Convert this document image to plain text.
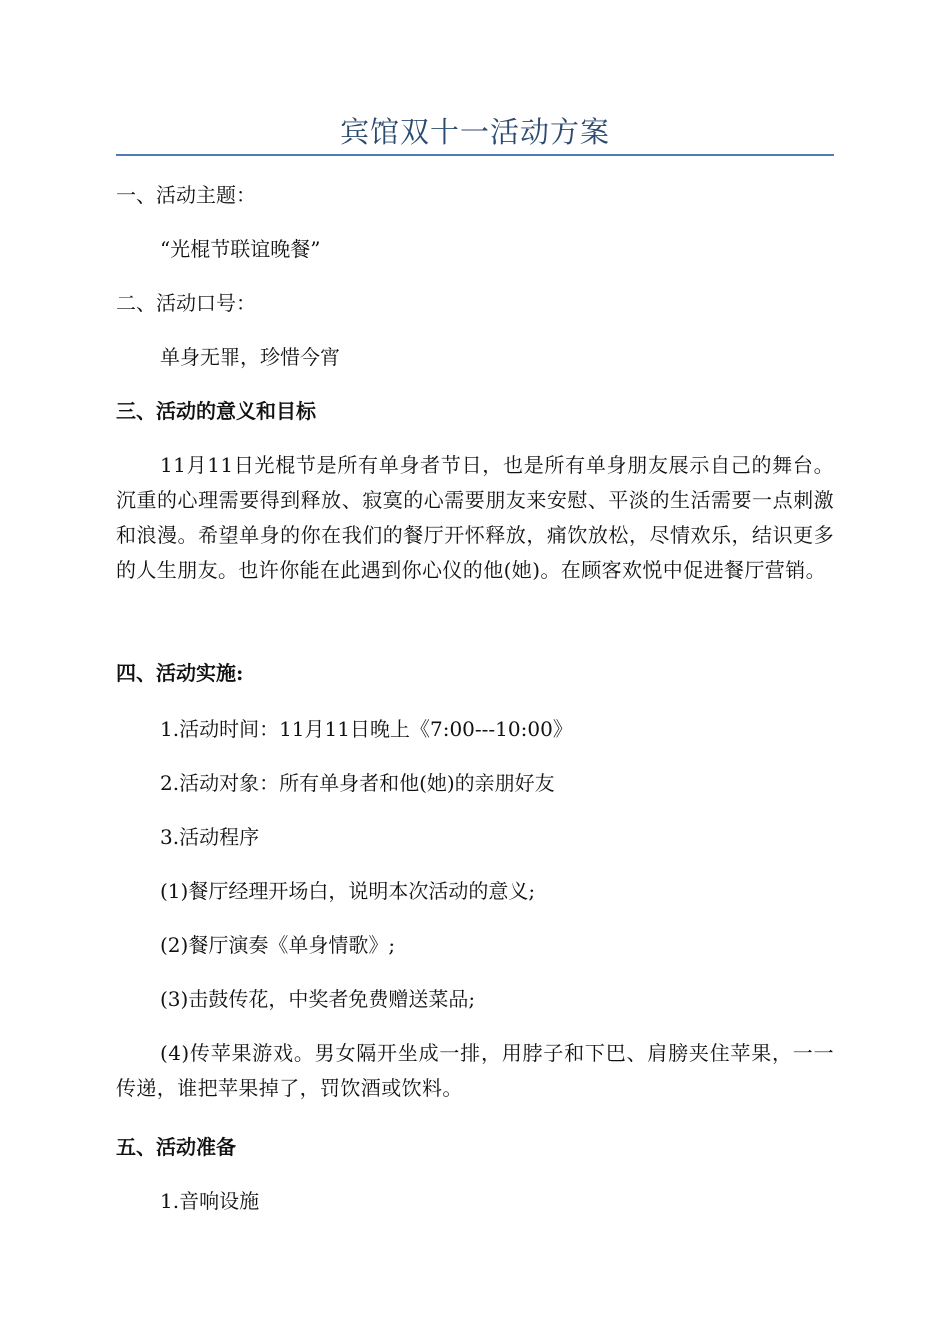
宾馆双十一活动方案
一、活动主题：
“光棍节联谊晚餐”
二、活动口号：
单身无罪，珍惜今宵
三、活动的意义和目标
11月11日光棍节是所有单身者节日，也是所有单身朋友展示自己的舞台。沉重的心理需要得到释放、寂寞的心需要朋友来安慰、平淡的生活需要一点刺激和浪漫。希望单身的你在我们的餐厅开怀释放，痛饮放松，尽情欢乐，结识更多的人生朋友。也许你能在此遇到你心仪的他(她)。在顾客欢悦中促进餐厅营销。
四、活动实施:
1.活动时间：11月11日晚上《7:00---10:00》
2.活动对象：所有单身者和他(她)的亲朋好友
3.活动程序
(1)餐厅经理开场白，说明本次活动的意义;
(2)餐厅演奏《单身情歌》;
(3)击鼓传花，中奖者免费赠送菜品;
(4)传苹果游戏。男女隔开坐成一排，用脖子和下巴、肩膀夹住苹果，一一传递，谁把苹果掉了，罚饮酒或饮料。
五、活动准备
1.音响设施
